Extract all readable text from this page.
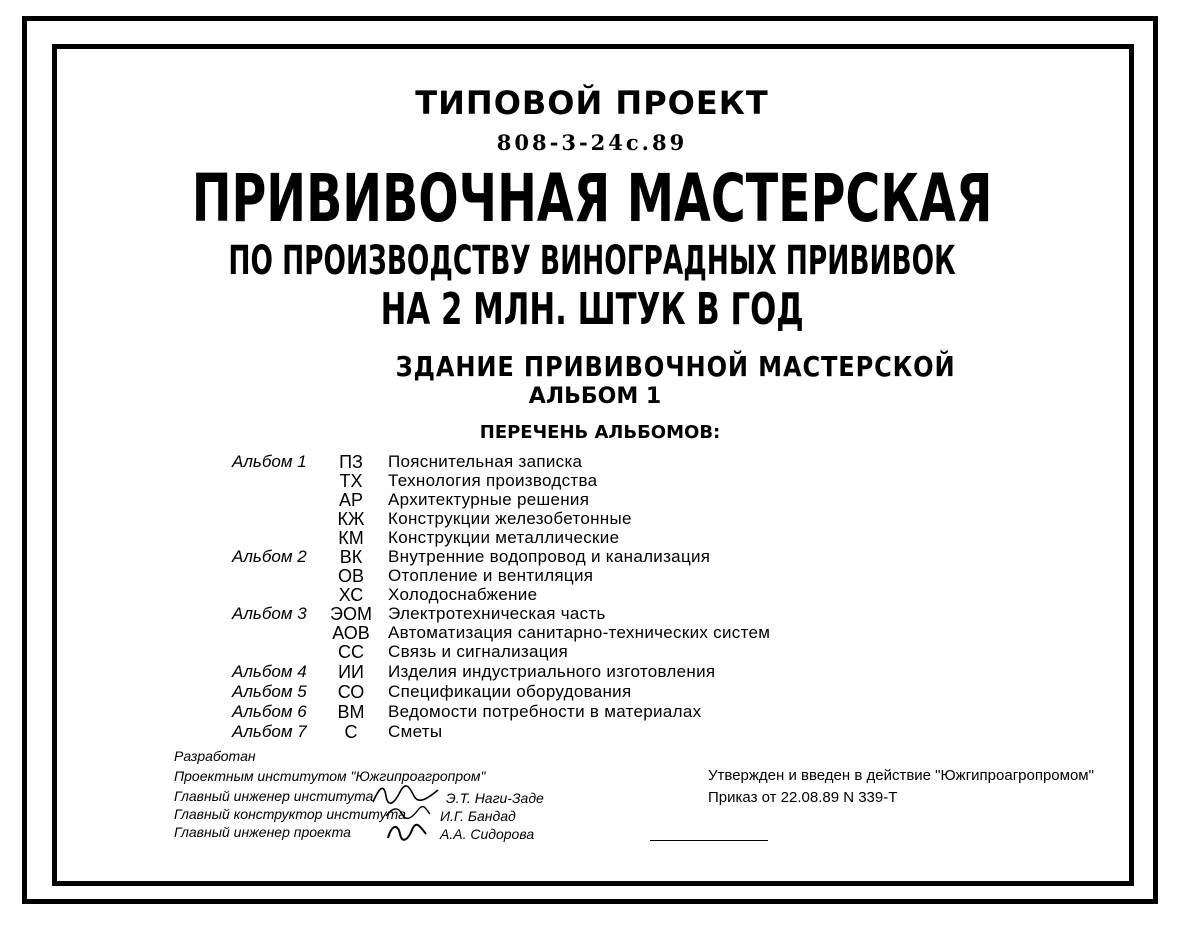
ТИПОВОЙ ПРОЕКТ
808-3-24с.89
ПРИВИВОЧНАЯ МАСТЕРСКАЯ
ПО ПРОИЗВОДСТВУ ВИНОГРАДНЫХ ПРИВИВОК
НА 2 МЛН. ШТУК В ГОД
ЗДАНИЕ ПРИВИВОЧНОЙ МАСТЕРСКОЙ
АЛЬБОМ 1
ПЕРЕЧЕНЬ АЛЬБОМОВ:
Альбом 1	ПЗ	Пояснительная записка
ТХ	Технология производства
АР	Архитектурные решения
КЖ	Конструкции железобетонные
КМ	Конструкции металлические
Альбом 2	ВК	Внутренние водопровод и канализация
ОВ	Отопление и вентиляция
ХС	Холодоснабжение
Альбом 3 ЭОМ Электротехническая часть
АОВ	Автоматизация санитарно-технических систем
СС	Связь и сигнализация
Альбом 4	ИИ	Изделия индустриального изготовления
Альбом 5	СО	Спецификации оборудования
Альбом 6	ВМ	Ведомости потребности в материалах
Альбом 7	С	Сметы
Разработан
Проектным институтом "Южгипроагропром"
Главный инженер института
Главный конструктор института
Главный инженер проекта
Э.Т. Наги-Заде
И.Г. Бандад
А.А. Сидорова
Утвержден и введен в действие "Южгипроагропромом"
Приказ от 22.08.89 N 339-Т
